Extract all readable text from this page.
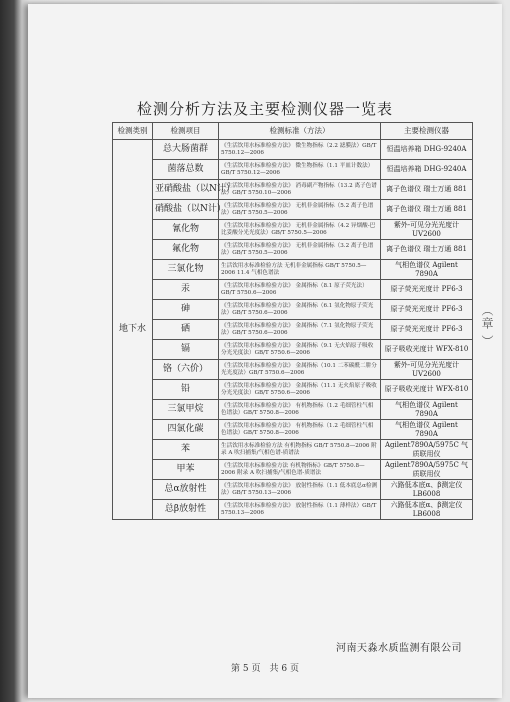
（章 ）
检测分析方法及主要检测仪器一览表
检测类别	检测项目	检测标准（方法）	主要检测仪器
地下水	总大肠菌群	《生活饮用水标准检验方法》 微生物指标（2.2 滤膜法）GB/T 5750.12—2006	恒温培养箱 DHG-9240A
	菌落总数	《生活饮用水标准检验方法》 微生物指标（1.1 平皿计数法）GB/T 5750.12—2006	恒温培养箱 DHG-9240A
	亚硝酸盐（以N计）	《生活饮用水标准检验方法》 消毒副产物指标（13.2 离子色谱法）GB/T 5750.10—2006	离子色谱仪 瑞士万通 881
	硝酸盐（以N计）	《生活饮用水标准检验方法》 无机非金属指标（5.2 离子色谱法）GB/T 5750.5—2006	离子色谱仪 瑞士万通 881
	氰化物	《生活饮用水标准检验方法》 无机非金属指标（4.2 异烟酸-巴比妥酸分光光度法）GB/T 5750.5—2006	紫外-可见分光光度计 UV2600
	氟化物	《生活饮用水标准检验方法》 无机非金属指标（3.2 离子色谱法）GB/T 5750.5—2006	离子色谱仪 瑞士万通 881
	三氯化物	生活饮用水标准检验方法 无机非金属指标 GB/T 5750.5—2006 11.4 气相色谱法	气相色谱仪 Agilent 7890A
	汞	《生活饮用水标准检验方法》 金属指标（8.1 原子荧光法）GB/T 5750.6—2006	原子荧光光度计 PF6-3
	砷	《生活饮用水标准检验方法》 金属指标（6.1 氢化物原子荧光法）GB/T 5750.6—2006	原子荧光光度计 PF6-3
	硒	《生活饮用水标准检验方法》 金属指标（7.1 氢化物原子荧光法）GB/T 5750.6—2006	原子荧光光度计 PF6-3
	镉	《生活饮用水标准检验方法》 金属指标（9.1 无火焰原子吸收分光光度法）GB/T 5750.6—2006	原子吸收光度计 WFX-810
	铬（六价）	《生活饮用水标准检验方法》 金属指标（10.1 二苯碳酰二肼分光光度法）GB/T 5750.6—2006	紫外-可见分光光度计 UV2600
	铅	《生活饮用水标准检验方法》 金属指标（11.1 无火焰原子吸收分光光度法）GB/T 5750.6—2006	原子吸收光度计 WFX-810
	三氯甲烷	《生活饮用水标准检验方法》 有机物指标（1.2 毛细管柱气相色谱法）GB/T 5750.8—2006	气相色谱仪 Agilent 7890A
	四氯化碳	《生活饮用水标准检验方法》 有机物指标（1.2 毛细管柱气相色谱法）GB/T 5750.8—2006	气相色谱仪 Agilent 7890A
	苯	生活饮用水标准检验方法 有机物指标 GB/T 5750.8—2006 附录 A 吹扫捕集/气相色谱-质谱法	Agilent7890A/5975C 气质联用仪
	甲苯	《生活饮用水标准检验方法 有机物指标》GB/T 5750.8—2006 附录 A 吹扫捕集/气相色谱-质谱法	Agilent7890A/5975C 气质联用仪
	总α放射性	《生活饮用水标准检验方法》 放射性指标（1.1 低本底总α检测法）GB/T 5750.13—2006	六路低本底α、β测定仪 LB6008
	总β放射性	《生活饮用水标准检验方法》 放射性指标（1.1 薄样法）GB/T 5750.13—2006	六路低本底α、β测定仪 LB6008
河南天淼水质监测有限公司
第 5 页　共 6 页
